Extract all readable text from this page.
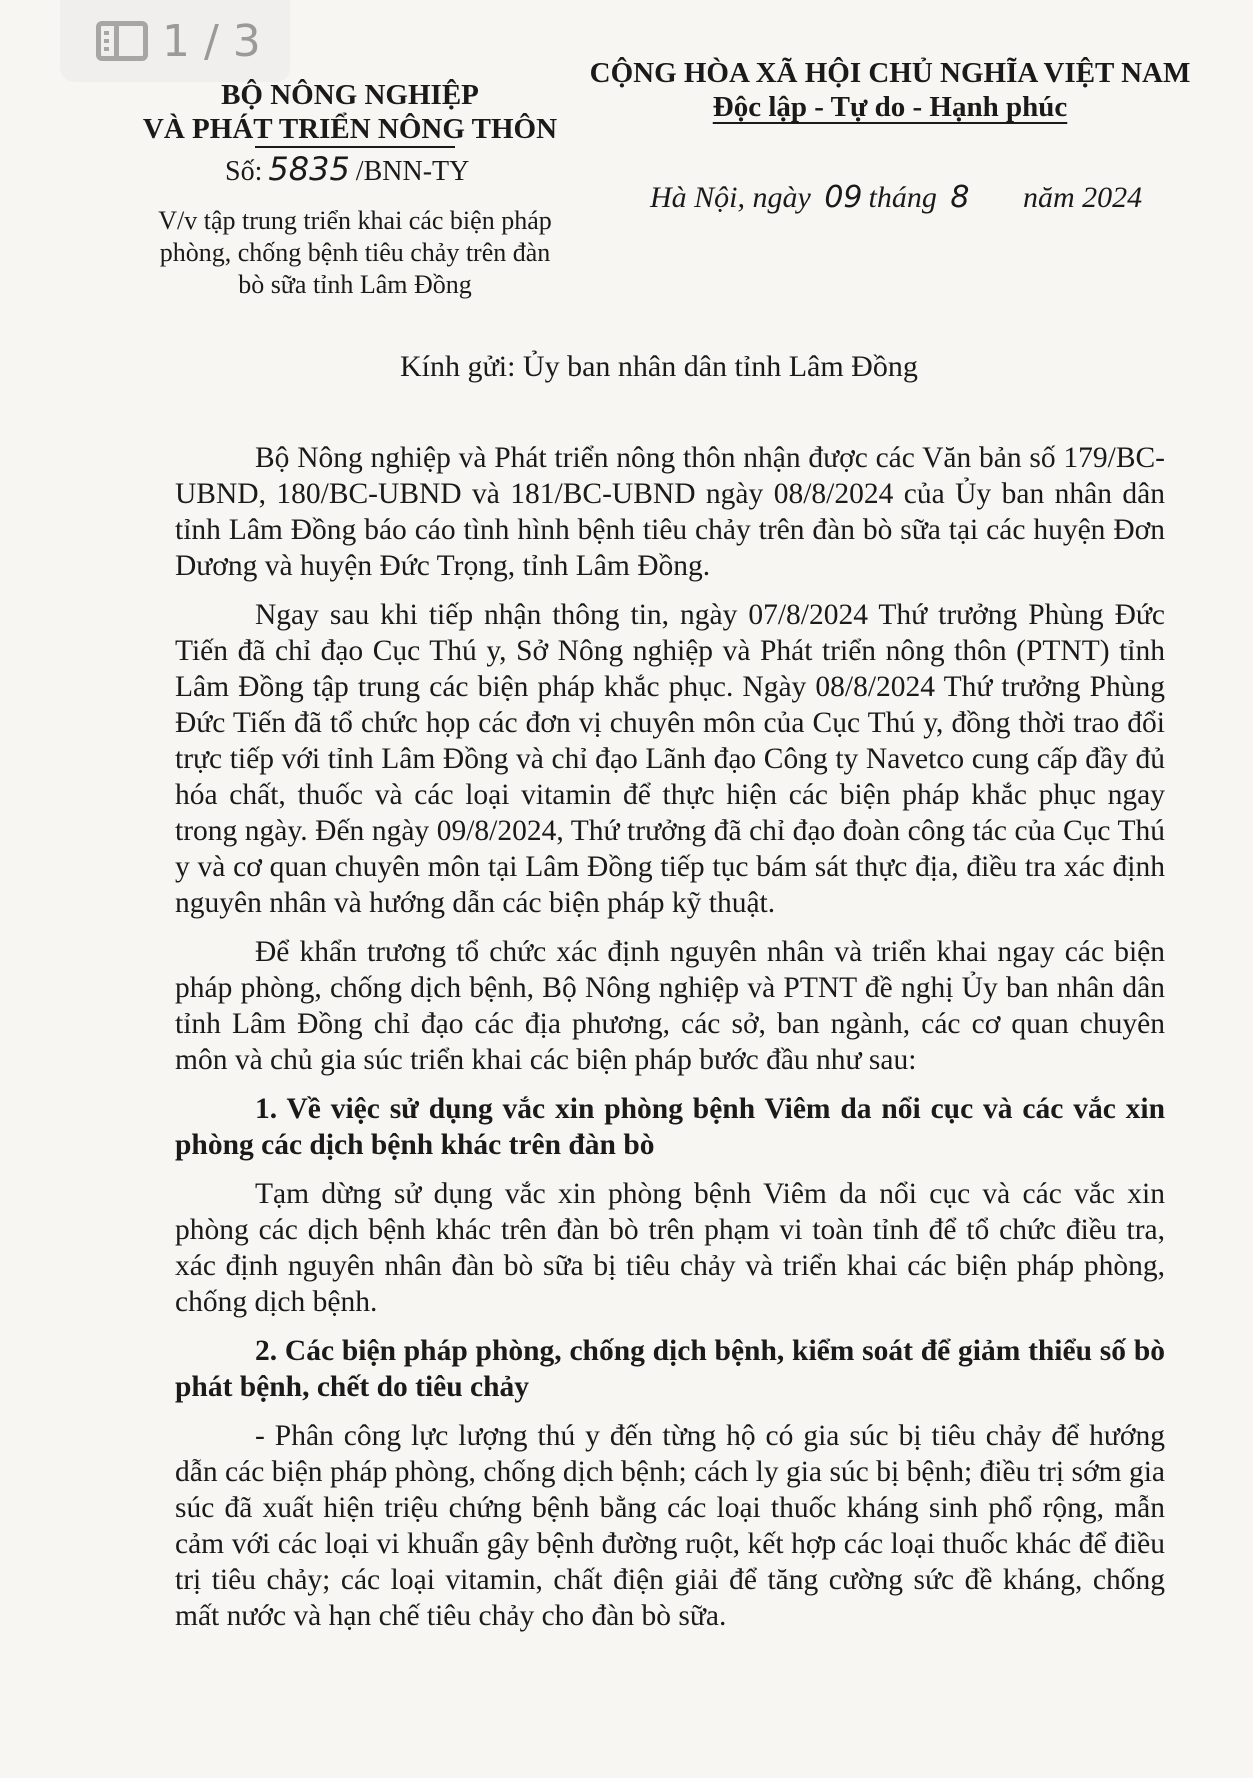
1 / 3
BỘ NÔNG NGHIỆP
VÀ PHÁT TRIỂN NÔNG THÔN
CỘNG HÒA XÃ HỘI CHỦ NGHĨA VIỆT NAM
Độc lập - Tự do - Hạnh phúc
Số: 5835 /BNN-TY
V/v tập trung triển khai các biện pháp phòng, chống bệnh tiêu chảy trên đàn bò sữa tỉnh Lâm Đồng
Hà Nội, ngày 09 tháng 8 năm 2024
Kính gửi: Ủy ban nhân dân tỉnh Lâm Đồng

Bộ Nông nghiệp và Phát triển nông thôn nhận được các Văn bản số 179/BC-UBND, 180/BC-UBND và 181/BC-UBND ngày 08/8/2024 của Ủy ban nhân dân tỉnh Lâm Đồng báo cáo tình hình bệnh tiêu chảy trên đàn bò sữa tại các huyện Đơn Dương và huyện Đức Trọng, tỉnh Lâm Đồng.

Ngay sau khi tiếp nhận thông tin, ngày 07/8/2024 Thứ trưởng Phùng Đức Tiến đã chỉ đạo Cục Thú y, Sở Nông nghiệp và Phát triển nông thôn (PTNT) tỉnh Lâm Đồng tập trung các biện pháp khắc phục. Ngày 08/8/2024 Thứ trưởng Phùng Đức Tiến đã tổ chức họp các đơn vị chuyên môn của Cục Thú y, đồng thời trao đổi trực tiếp với tỉnh Lâm Đồng và chỉ đạo Lãnh đạo Công ty Navetco cung cấp đầy đủ hóa chất, thuốc và các loại vitamin để thực hiện các biện pháp khắc phục ngay trong ngày. Đến ngày 09/8/2024, Thứ trưởng đã chỉ đạo đoàn công tác của Cục Thú y và cơ quan chuyên môn tại Lâm Đồng tiếp tục bám sát thực địa, điều tra xác định nguyên nhân và hướng dẫn các biện pháp kỹ thuật.

Để khẩn trương tổ chức xác định nguyên nhân và triển khai ngay các biện pháp phòng, chống dịch bệnh, Bộ Nông nghiệp và PTNT đề nghị Ủy ban nhân dân tỉnh Lâm Đồng chỉ đạo các địa phương, các sở, ban ngành, các cơ quan chuyên môn và chủ gia súc triển khai các biện pháp bước đầu như sau:

1. Về việc sử dụng vắc xin phòng bệnh Viêm da nổi cục và các vắc xin phòng các dịch bệnh khác trên đàn bò

Tạm dừng sử dụng vắc xin phòng bệnh Viêm da nổi cục và các vắc xin phòng các dịch bệnh khác trên đàn bò trên phạm vi toàn tỉnh để tổ chức điều tra, xác định nguyên nhân đàn bò sữa bị tiêu chảy và triển khai các biện pháp phòng, chống dịch bệnh.

2. Các biện pháp phòng, chống dịch bệnh, kiểm soát để giảm thiểu số bò phát bệnh, chết do tiêu chảy

- Phân công lực lượng thú y đến từng hộ có gia súc bị tiêu chảy để hướng dẫn các biện pháp phòng, chống dịch bệnh; cách ly gia súc bị bệnh; điều trị sớm gia súc đã xuất hiện triệu chứng bệnh bằng các loại thuốc kháng sinh phổ rộng, mẫn cảm với các loại vi khuẩn gây bệnh đường ruột, kết hợp các loại thuốc khác để điều trị tiêu chảy; các loại vitamin, chất điện giải để tăng cường sức đề kháng, chống mất nước và hạn chế tiêu chảy cho đàn bò sữa.
